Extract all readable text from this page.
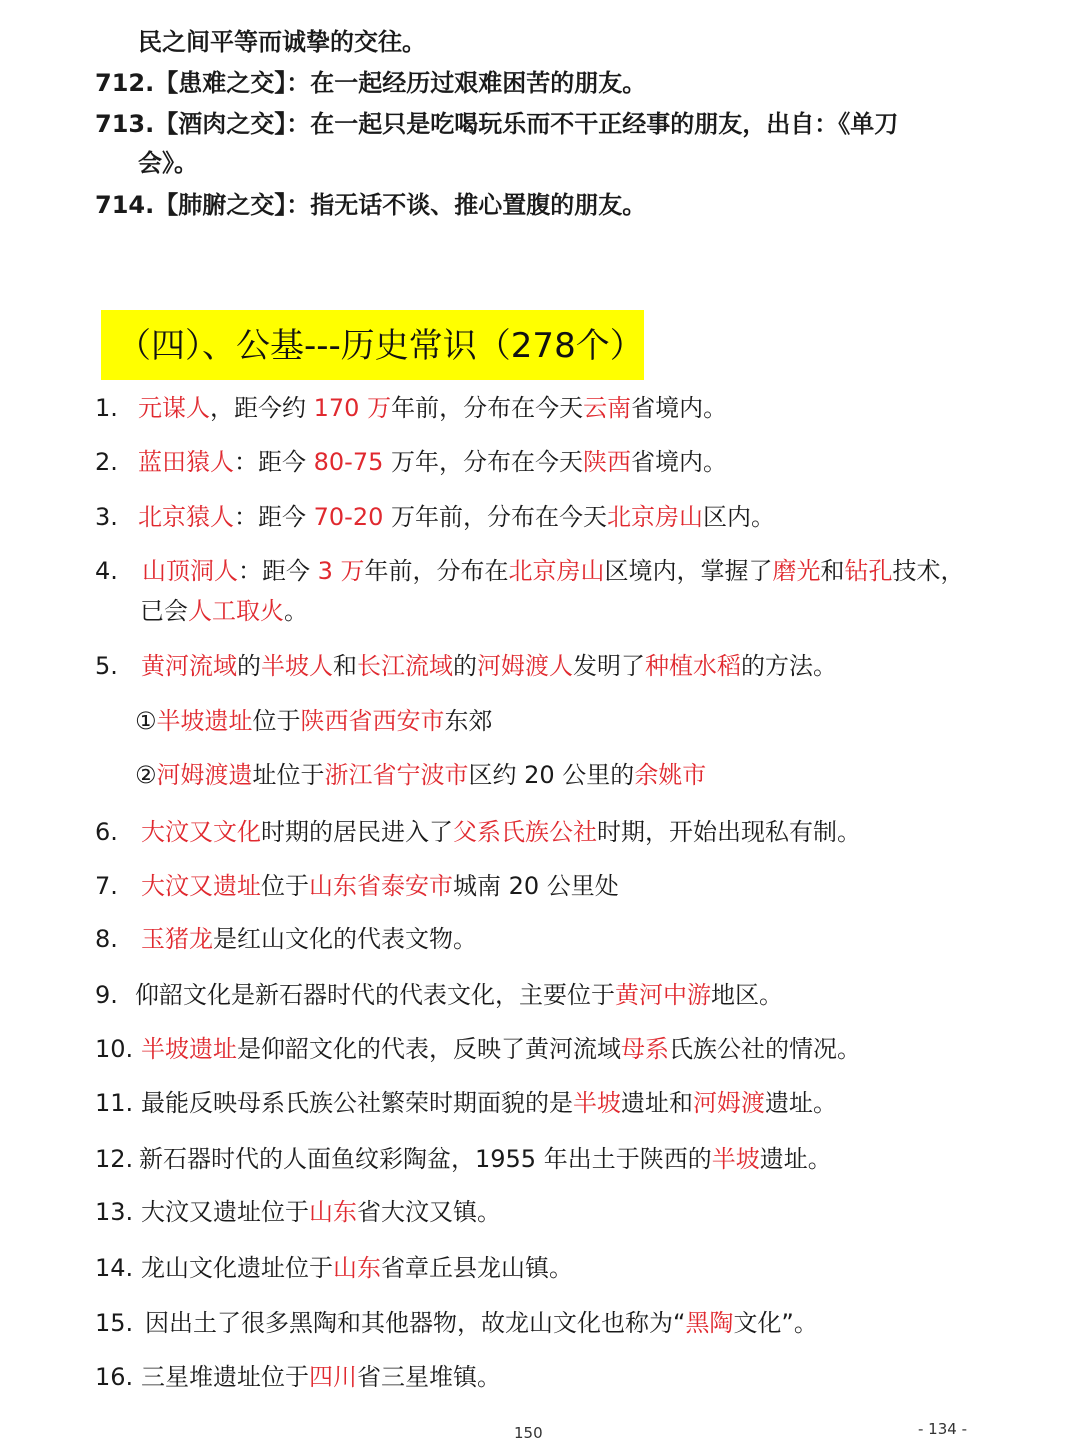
民之间平等而诚挚的交往。
712.【患难之交】：在一起经历过艰难困苦的朋友。
713.【酒肉之交】：在一起只是吃喝玩乐而不干正经事的朋友，出自：《单刀
会》。
714.【肺腑之交】：指无话不谈、推心置腹的朋友。
（四）、公基---历史常识（278个）
1. 元谋人，距今约 170 万年前，分布在今天云南省境内。
2. 蓝田猿人：距今 80-75 万年，分布在今天陕西省境内。
3. 北京猿人：距今 70-20 万年前，分布在今天北京房山区内。
4. 山顶洞人：距今 3 万年前，分布在北京房山区境内，掌握了磨光和钻孔技术，
已会人工取火。
5. 黄河流域的半坡人和长江流域的河姆渡人发明了种植水稻的方法。
①半坡遗址位于陕西省西安市东郊
②河姆渡遗址位于浙江省宁波市区约 20 公里的余姚市
6. 大汶又文化时期的居民进入了父系氏族公社时期，开始出现私有制。
7. 大汶又遗址位于山东省泰安市城南 20 公里处
8. 玉猪龙是红山文化的代表文物。
9. 仰韶文化是新石器时代的代表文化，主要位于黄河中游地区。
10. 半坡遗址是仰韶文化的代表，反映了黄河流域母系氏族公社的情况。
11. 最能反映母系氏族公社繁荣时期面貌的是半坡遗址和河姆渡遗址。
12. 新石器时代的人面鱼纹彩陶盆，1955 年出土于陕西的半坡遗址。
13. 大汶又遗址位于山东省大汶又镇。
14. 龙山文化遗址位于山东省章丘县龙山镇。
15. 因出土了很多黑陶和其他器物，故龙山文化也称为“黑陶文化”。
16. 三星堆遗址位于四川省三星堆镇。
150	- 134 -
